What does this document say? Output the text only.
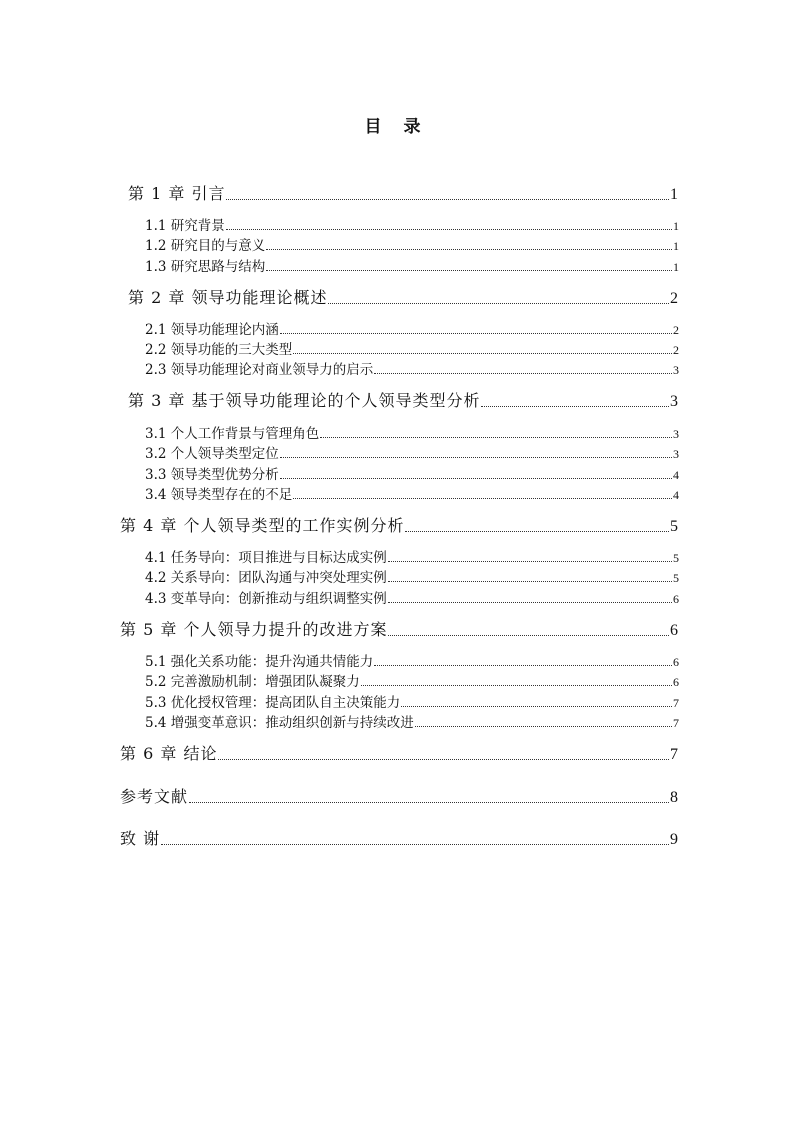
目 录
第 1 章 引言	1
1.1 研究背景	1
1.2 研究目的与意义	1
1.3 研究思路与结构	1
第 2 章 领导功能理论概述	2
2.1 领导功能理论内涵	2
2.2 领导功能的三大类型	2
2.3 领导功能理论对商业领导力的启示	3
第 3 章 基于领导功能理论的个人领导类型分析	3
3.1 个人工作背景与管理角色	3
3.2 个人领导类型定位	3
3.3 领导类型优势分析	4
3.4 领导类型存在的不足	4
第 4 章 个人领导类型的工作实例分析	5
4.1 任务导向：项目推进与目标达成实例	5
4.2 关系导向：团队沟通与冲突处理实例	5
4.3 变革导向：创新推动与组织调整实例	6
第 5 章 个人领导力提升的改进方案	6
5.1 强化关系功能：提升沟通共情能力	6
5.2 完善激励机制：增强团队凝聚力	6
5.3 优化授权管理：提高团队自主决策能力	7
5.4 增强变革意识：推动组织创新与持续改进	7
第 6 章 结论	7
参考文献	8
致 谢	9
